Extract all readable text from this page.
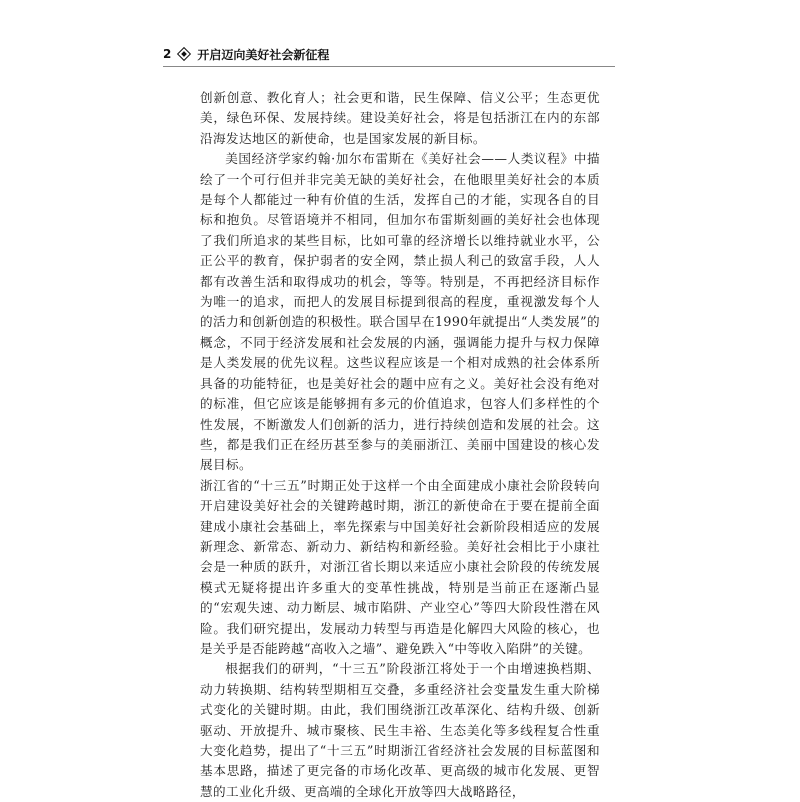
2 开启迈向美好社会新征程

创新创意、教化育人；社会更和谐，民生保障、信义公平；生态更优美，绿色环保、发展持续。建设美好社会，将是包括浙江在内的东部沿海发达地区的新使命，也是国家发展的新目标。

美国经济学家约翰·加尔布雷斯在《美好社会——人类议程》中描绘了一个可行但并非完美无缺的美好社会，在他眼里美好社会的本质是每个人都能过一种有价值的生活，发挥自己的才能，实现各自的目标和抱负。尽管语境并不相同，但加尔布雷斯刻画的美好社会也体现了我们所追求的某些目标，比如可靠的经济增长以维持就业水平，公正公平的教育，保护弱者的安全网，禁止损人利己的致富手段，人人都有改善生活和取得成功的机会，等等。特别是，不再把经济目标作为唯一的追求，而把人的发展目标提到很高的程度，重视激发每个人的活力和创新创造的积极性。联合国早在1990年就提出“人类发展”的概念，不同于经济发展和社会发展的内涵，强调能力提升与权力保障是人类发展的优先议程。这些议程应该是一个相对成熟的社会体系所具备的功能特征，也是美好社会的题中应有之义。美好社会没有绝对的标准，但它应该是能够拥有多元的价值追求，包容人们多样性的个性发展，不断激发人们创新的活力，进行持续创造和发展的社会。这些，都是我们正在经历甚至参与的美丽浙江、美丽中国建设的核心发展目标。

浙江省的“十三五”时期正处于这样一个由全面建成小康社会阶段转向开启建设美好社会的关键跨越时期，浙江的新使命在于要在提前全面建成小康社会基础上，率先探索与中国美好社会新阶段相适应的发展新理念、新常态、新动力、新结构和新经验。美好社会相比于小康社会是一种质的跃升，对浙江省长期以来适应小康社会阶段的传统发展模式无疑将提出许多重大的变革性挑战，特别是当前正在逐渐凸显的“宏观失速、动力断层、城市陷阱、产业空心”等四大阶段性潜在风险。我们研究提出，发展动力转型与再造是化解四大风险的核心，也是关乎是否能跨越“高收入之墙”、避免跌入“中等收入陷阱”的关键。

根据我们的研判，“十三五”阶段浙江将处于一个由增速换档期、动力转换期、结构转型期相互交叠，多重经济社会变量发生重大阶梯式变化的关键时期。由此，我们围绕浙江改革深化、结构升级、创新驱动、开放提升、城市聚核、民生丰裕、生态美化等多线程复合性重大变化趋势，提出了“十三五”时期浙江省经济社会发展的目标蓝图和基本思路，描述了更完备的市场化改革、更高级的城市化发展、更智慧的工业化升级、更高端的全球化开放等四大战略路径，
